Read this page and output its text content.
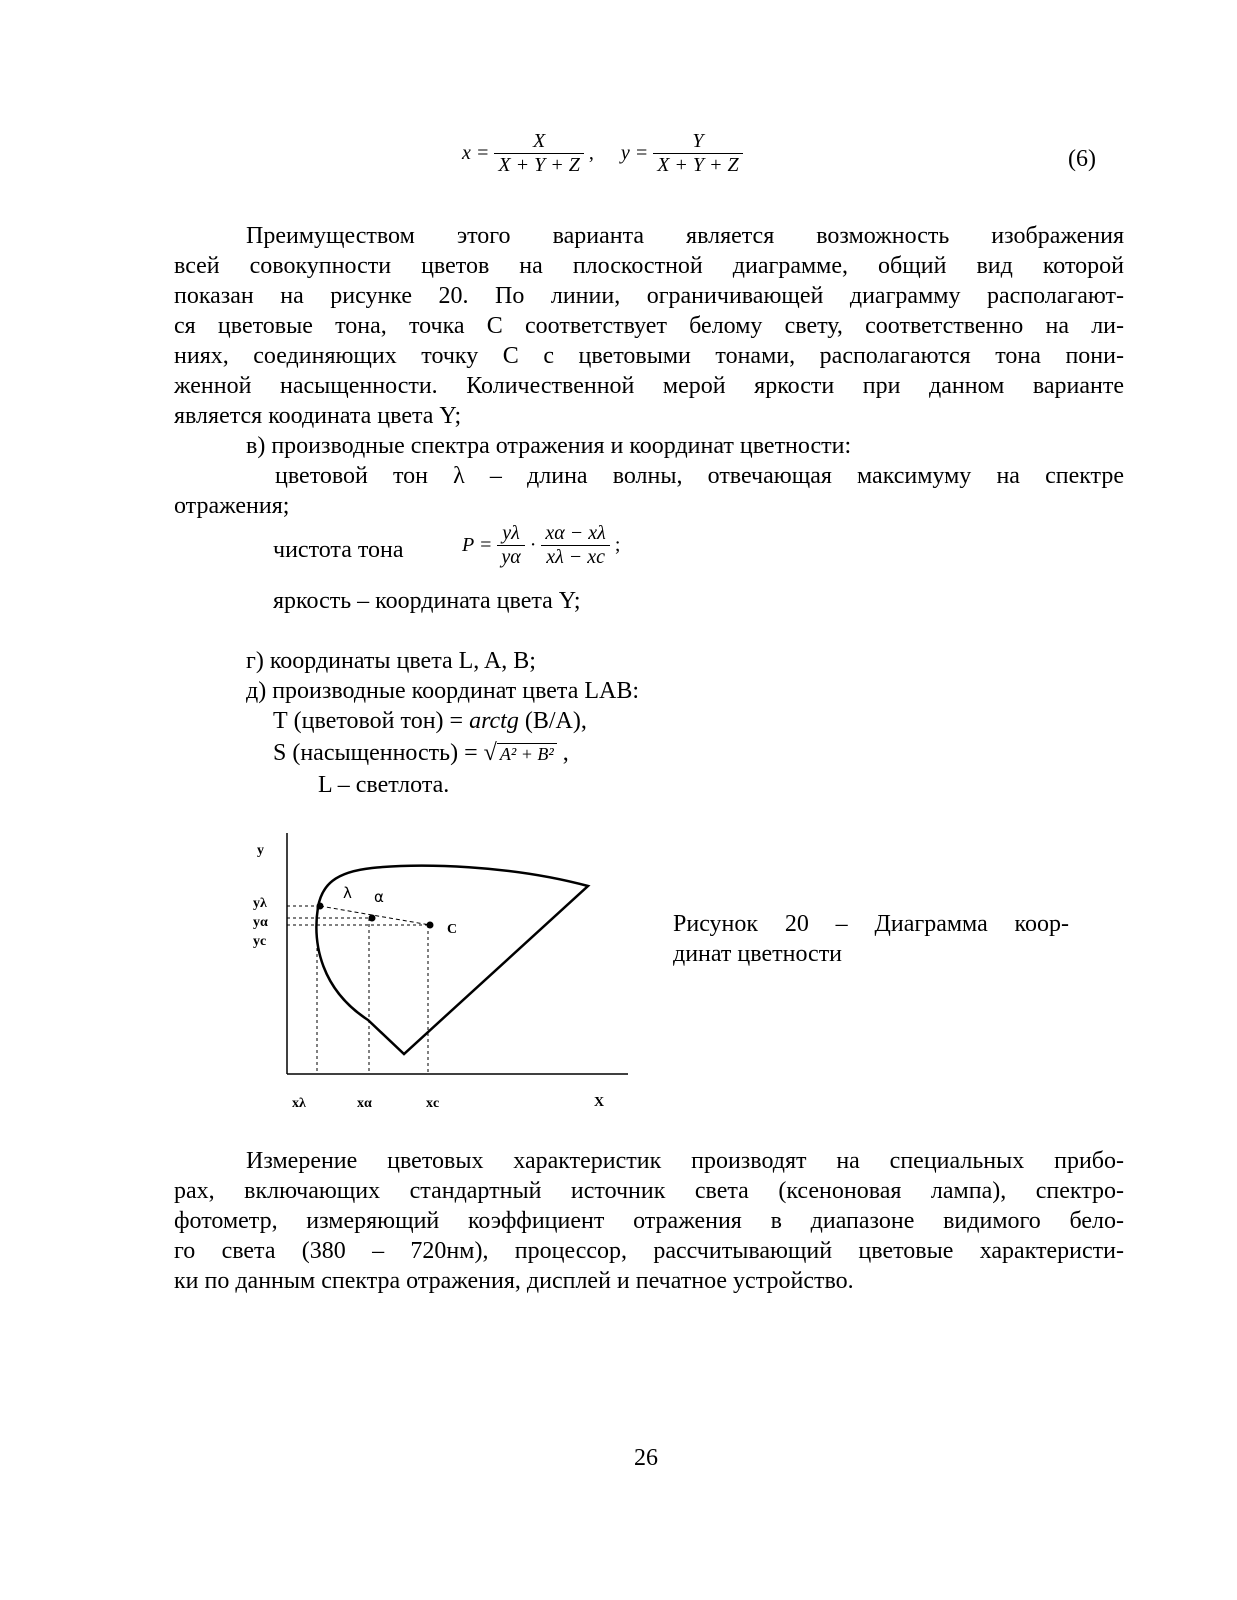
$x = \frac{X}{X + Y + Z}$ , $y = \frac{Y}{X + Y + Z}$	(6)
Преимуществом этого варианта является возможность изображения
всей совокупности цветов на плоскостной диаграмме, общий вид которой
показан на рисунке 20. По линии, ограничивающей диаграмму располагают-
ся цветовые тона, точка С соответствует белому свету, соответственно на ли-
ниях, соединяющих точку С с цветовыми тонами, располагаются тона пони-
женной насыщенности. Количественной мерой яркости при данном варианте
является коодината цвета Y;
в) производные спектра отражения и координат цветности:
цветовой тон λ – длина волны, отвечающая максимуму на спектре
отражения;
чистота тона	$P = \frac{y\lambda}{y\alpha} \cdot \frac{x\alpha - x\lambda}{x\lambda - xc}$ ;
яркость – координата цвета Y;
г) координаты цвета L, A, B;
д) производные координат цвета LAB:
Т (цветовой тон) = arctg (B/A),
S (насыщенность) = √ A² + B² ,
L – светлота.
y
X
yλ
yα
yc
xλ	xα	xc
λ α
C	Рисунок 20 – Диаграмма коор-
динат цветности
Измерение цветовых характеристик производят на специальных прибо-
рах, включающих стандартный источник света (ксеноновая лампа), спектро-
фотометр, измеряющий коэффициент отражения в диапазоне видимого бело-
го света (380 – 720нм), процессор, рассчитывающий цветовые характеристи-
ки по данным спектра отражения, дисплей и печатное устройство.
26
